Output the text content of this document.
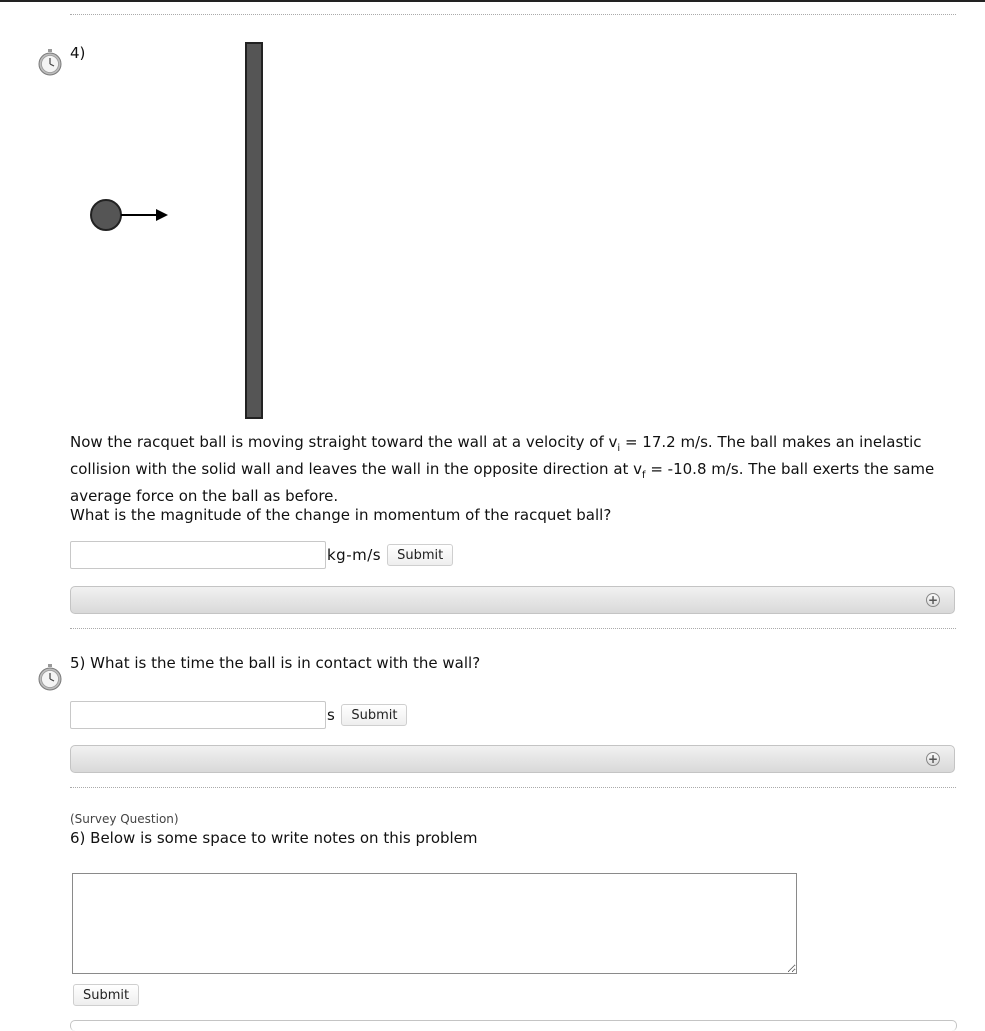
4)
Now the racquet ball is moving straight toward the wall at a velocity of $v_i = 17.2$ m/s. The ball makes an inelastic collision with the solid wall and leaves the wall in the opposite direction at $v_f = -10.8$ m/s. The ball exerts the same average force on the ball as before.
What is the magnitude of the change in momentum of the racquet ball?
kg-m/s	Submit
+
5) What is the time the ball is in contact with the wall?
s	Submit
+
(Survey Question)
6) Below is some space to write notes on this problem
Submit
